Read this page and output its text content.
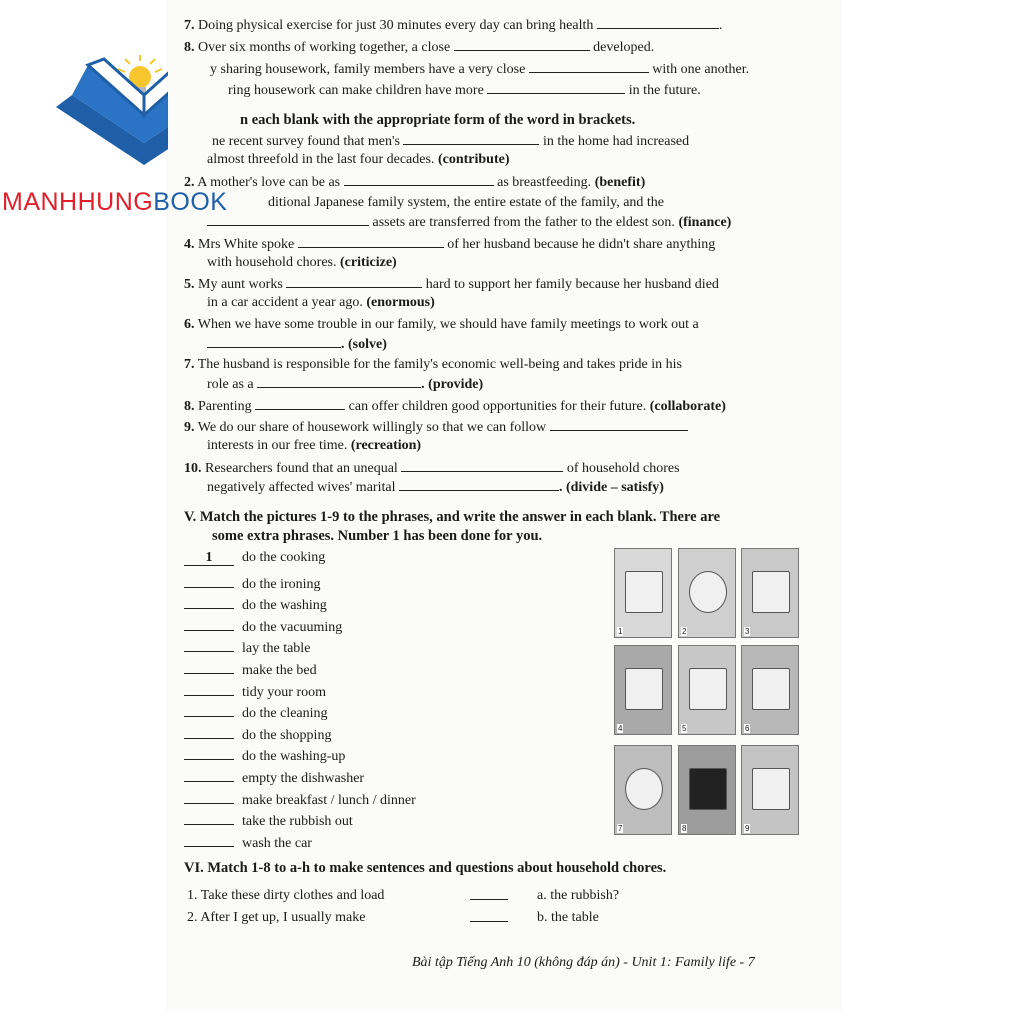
7. Doing physical exercise for just 30 minutes every day can bring health	.
8. Over six months of working together, a close	developed.
y sharing housework, family members have a very close	with one another.
ring housework can make children have more	in the future.
n each blank with the appropriate form of the word in brackets.
ne recent survey found that men's	in the home had increased
almost threefold in the last four decades. (contribute)
2. A mother's love can be as	as breastfeeding. (benefit)
ditional Japanese family system, the entire estate of the family, and the
assets are transferred from the father to the eldest son. (finance)
4. Mrs White spoke	of her husband because he didn't share anything
with household chores. (criticize)
5. My aunt works	hard to support her family because her husband died
in a car accident a year ago. (enormous)
6. When we have some trouble in our family, we should have family meetings to work out a
. (solve)
7. The husband is responsible for the family's economic well-being and takes pride in his
role as a	. (provide)
8. Parenting	can offer children good opportunities for their future. (collaborate)
9. We do our share of housework willingly so that we can follow
interests in our free time. (recreation)
10. Researchers found that an unequal	of household chores
negatively affected wives' marital	. (divide – satisfy)
V. Match the pictures 1-9 to the phrases, and write the answer in each blank. There are
some extra phrases. Number 1 has been done for you.
1 do the cooking
do the ironing
do the washing
do the vacuuming
lay the table
make the bed
tidy your room
do the cleaning
do the shopping
do the washing-up
empty the dishwasher
make breakfast / lunch / dinner
take the rubbish out
wash the car
1	2	3
4	5	6
7	8	9
VI. Match 1-8 to a-h to make sentences and questions about household chores.
1. Take these dirty clothes and load	a. the rubbish?
2. After I get up, I usually make	b. the table
Bài tập Tiếng Anh 10 (không đáp án) - Unit 1: Family life - 7
MANHHUNGBOOK
